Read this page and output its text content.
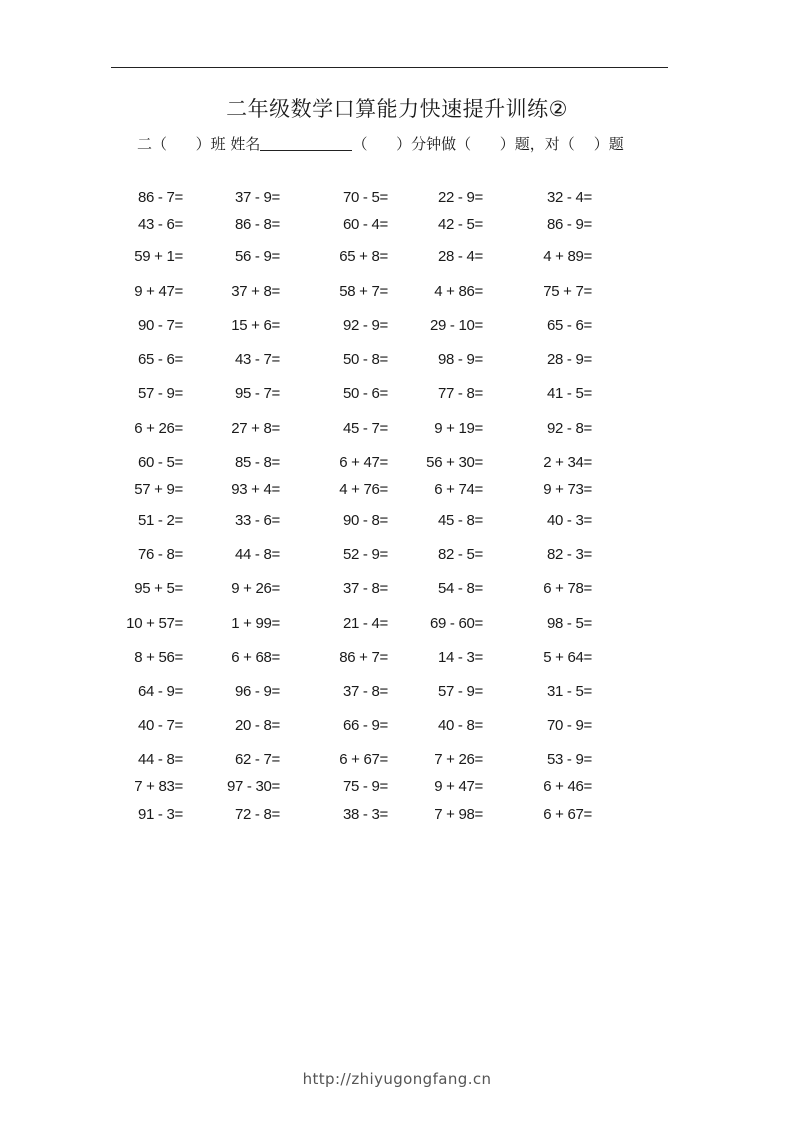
二年级数学口算能力快速提升训练②
二（ ）班 姓名	（ ）分钟做（ ）题，对（ ）题
86 - 7=	37 - 9=	70 - 5=	22 - 9=	32 - 4=
43 - 6=	86 - 8=	60 - 4=	42 - 5=	86 - 9=
59 + 1=	56 - 9=	65 + 8=	28 - 4=	4 + 89=
9 + 47=	37 + 8=	58 + 7=	4 + 86=	75 + 7=
90 - 7=	15 + 6=	92 - 9=	29 - 10=	65 - 6=
65 - 6=	43 - 7=	50 - 8=	98 - 9=	28 - 9=
57 - 9=	95 - 7=	50 - 6=	77 - 8=	41 - 5=
6 + 26=	27 + 8=	45 - 7=	9 + 19=	92 - 8=
60 - 5=	85 - 8=	6 + 47=	56 + 30=	2 + 34=
57 + 9=	93 + 4=	4 + 76=	6 + 74=	9 + 73=
51 - 2=	33 - 6=	90 - 8=	45 - 8=	40 - 3=
76 - 8=	44 - 8=	52 - 9=	82 - 5=	82 - 3=
95 + 5=	9 + 26=	37 - 8=	54 - 8=	6 + 78=
10 + 57=	1 + 99=	21 - 4=	69 - 60=	98 - 5=
8 + 56=	6 + 68=	86 + 7=	14 - 3=	5 + 64=
64 - 9=	96 - 9=	37 - 8=	57 - 9=	31 - 5=
40 - 7=	20 - 8=	66 - 9=	40 - 8=	70 - 9=
44 - 8=	62 - 7=	6 + 67=	7 + 26=	53 - 9=
7 + 83=	97 - 30=	75 - 9=	9 + 47=	6 + 46=
91 - 3=	72 - 8=	38 - 3=	7 + 98=	6 + 67=
http://zhiyugongfang.cn
